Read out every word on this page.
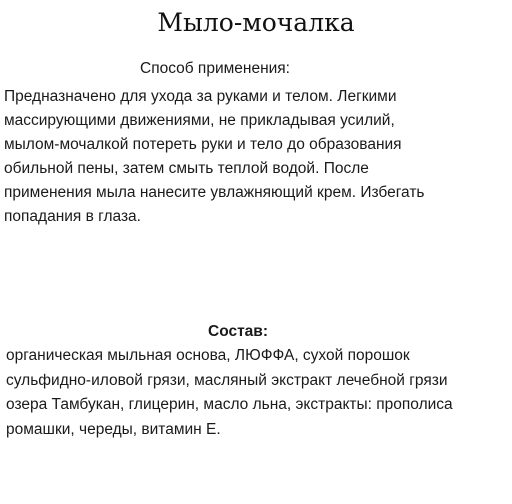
Мыло-мочалка
Способ применения:
Предназначено для ухода за руками и телом. Легкими
массирующими движениями, не прикладывая усилий,
мылом-мочалкой потереть руки и тело до образования
обильной пены, затем смыть теплой водой. После
применения мыла нанесите увлажняющий крем. Избегать
попадания в глаза.
Состав:
органическая мыльная основа, ЛЮФФА, сухой порошок
сульфидно-иловой грязи, масляный экстракт лечебной грязи
озера Тамбукан, глицерин, масло льна, экстракты: прополиса
ромашки, череды, витамин Е.
